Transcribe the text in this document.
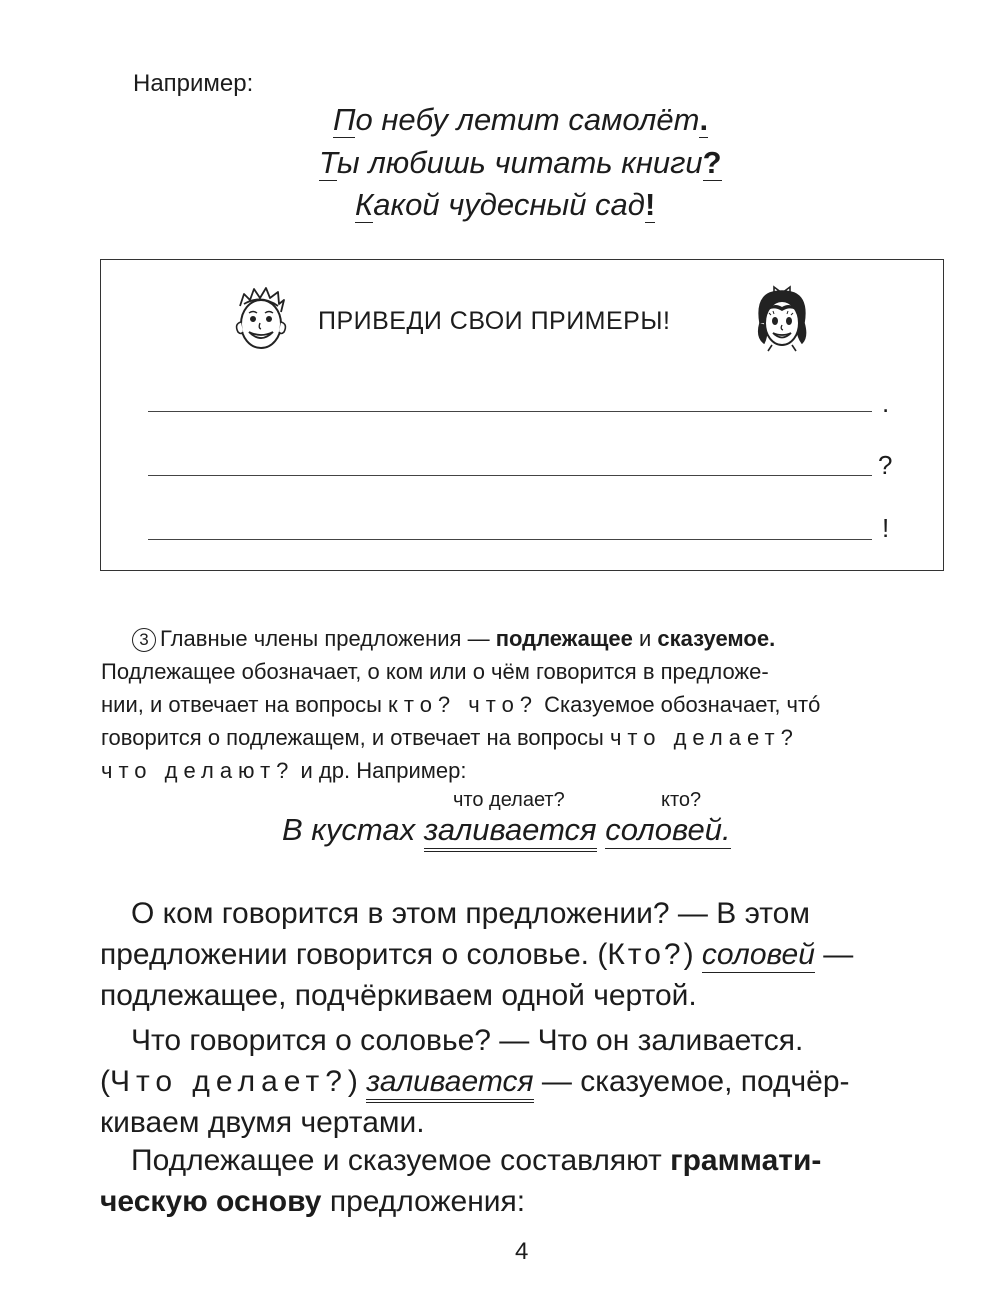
Например:
По небу летит самолёт.
Ты любишь читать книги?
Какой чудесный сад!
ПРИВЕДИ СВОИ ПРИМЕРЫ!
.
?
!
3 Главные члены предложения — подлежащее и сказуемое.
Подлежащее обозначает, о ком или о чём говорится в предложе-
нии, и отвечает на вопросы кто? что? Сказуемое обозначает, чтó
говорится о подлежащем, и отвечает на вопросы что делает?
что делают? и др. Например:
что делает?	кто?
В кустах заливается соловей.
О ком говорится в этом предложении? — В этом
предложении говорится о соловье. (Кто?) соловей —
подлежащее, подчёркиваем одной чертой.
Что говорится о соловье? — Что он заливается.
(Что делает?) заливается — сказуемое, подчёр-
киваем двумя чертами.
Подлежащее и сказуемое составляют граммати-
ческую основу предложения:
4
